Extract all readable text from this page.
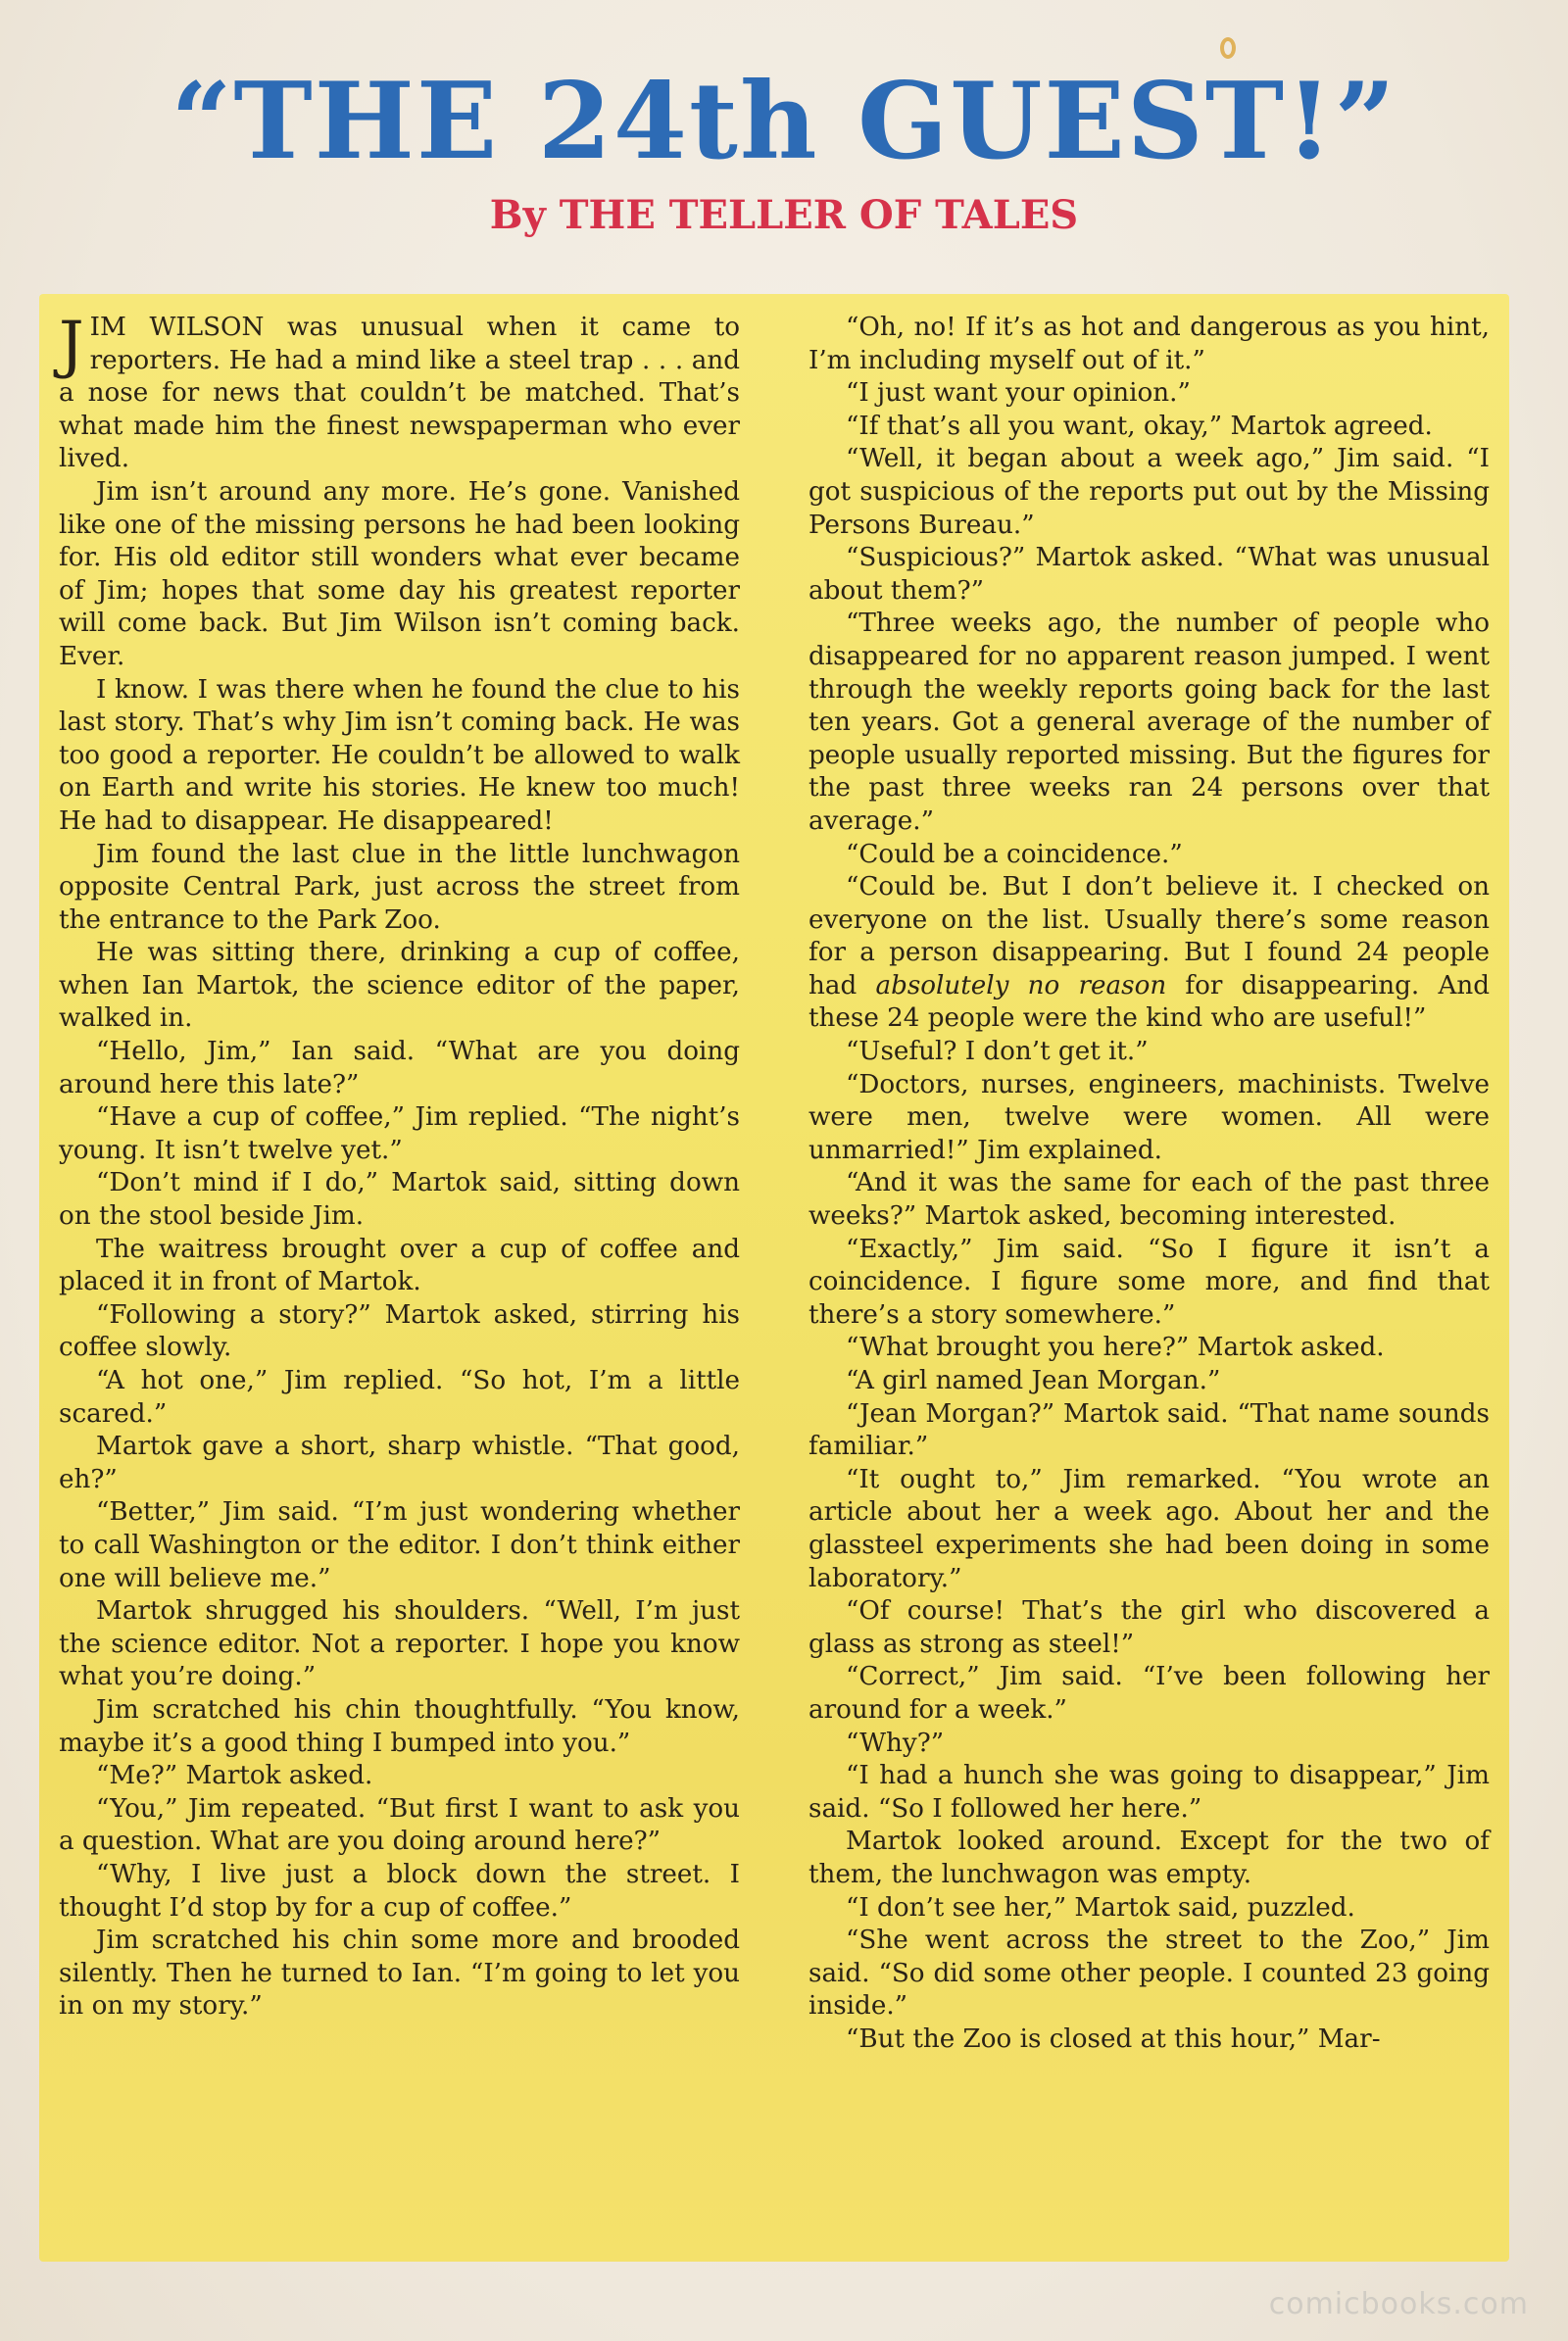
“THE 24th GUEST!”
By THE TELLER OF TALES

JIM WILSON was unusual when it came to reporters. He had a mind like a steel trap . . . and a nose for news that couldn’t be matched. That’s what made him the finest newspaperman who ever lived.

Jim isn’t around any more. He’s gone. Vanished like one of the missing persons he had been looking for. His old editor still wonders what ever became of Jim; hopes that some day his greatest reporter will come back. But Jim Wilson isn’t coming back. Ever.

I know. I was there when he found the clue to his last story. That’s why Jim isn’t coming back. He was too good a reporter. He couldn’t be allowed to walk on Earth and write his stories. He knew too much! He had to disappear. He disappeared!

Jim found the last clue in the little lunchwagon opposite Central Park, just across the street from the entrance to the Park Zoo.

He was sitting there, drinking a cup of coffee, when Ian Martok, the science editor of the paper, walked in.

“Hello, Jim,” Ian said. “What are you doing around here this late?”

“Have a cup of coffee,” Jim replied. “The night’s young. It isn’t twelve yet.”

“Don’t mind if I do,” Martok said, sitting down on the stool beside Jim.

The waitress brought over a cup of coffee and placed it in front of Martok.

“Following a story?” Martok asked, stirring his coffee slowly.

“A hot one,” Jim replied. “So hot, I’m a little scared.”

Martok gave a short, sharp whistle. “That good, eh?”

“Better,” Jim said. “I’m just wondering whether to call Washington or the editor. I don’t think either one will believe me.”

Martok shrugged his shoulders. “Well, I’m just the science editor. Not a reporter. I hope you know what you’re doing.”

Jim scratched his chin thoughtfully. “You know, maybe it’s a good thing I bumped into you.”

“Me?” Martok asked.

“You,” Jim repeated. “But first I want to ask you a question. What are you doing around here?”

“Why, I live just a block down the street. I thought I’d stop by for a cup of coffee.”

Jim scratched his chin some more and brooded silently. Then he turned to Ian. “I’m going to let you in on my story.”

“Oh, no! If it’s as hot and dangerous as you hint, I’m including myself out of it.”

“I just want your opinion.”

“If that’s all you want, okay,” Martok agreed.

“Well, it began about a week ago,” Jim said. “I got suspicious of the reports put out by the Missing Persons Bureau.”

“Suspicious?” Martok asked. “What was unusual about them?”

“Three weeks ago, the number of people who disappeared for no apparent reason jumped. I went through the weekly reports going back for the last ten years. Got a general average of the number of people usually reported missing. But the figures for the past three weeks ran 24 persons over that average.”

“Could be a coincidence.”

“Could be. But I don’t believe it. I checked on everyone on the list. Usually there’s some reason for a person disappearing. But I found 24 people had absolutely no reason for disappearing. And these 24 people were the kind who are useful!”

“Useful? I don’t get it.”

“Doctors, nurses, engineers, machinists. Twelve were men, twelve were women. All were unmarried!” Jim explained.

“And it was the same for each of the past three weeks?” Martok asked, becoming interested.

“Exactly,” Jim said. “So I figure it isn’t a coincidence. I figure some more, and find that there’s a story somewhere.”

“What brought you here?” Martok asked.

“A girl named Jean Morgan.”

“Jean Morgan?” Martok said. “That name sounds familiar.”

“It ought to,” Jim remarked. “You wrote an article about her a week ago. About her and the glassteel experiments she had been doing in some laboratory.”

“Of course! That’s the girl who discovered a glass as strong as steel!”

“Correct,” Jim said. “I’ve been following her around for a week.”

“Why?”

“I had a hunch she was going to disappear,” Jim said. “So I followed her here.”

Martok looked around. Except for the two of them, the lunchwagon was empty.

“I don’t see her,” Martok said, puzzled.

“She went across the street to the Zoo,” Jim said. “So did some other people. I counted 23 going inside.”

“But the Zoo is closed at this hour,” Mar-

comicbooks.com
